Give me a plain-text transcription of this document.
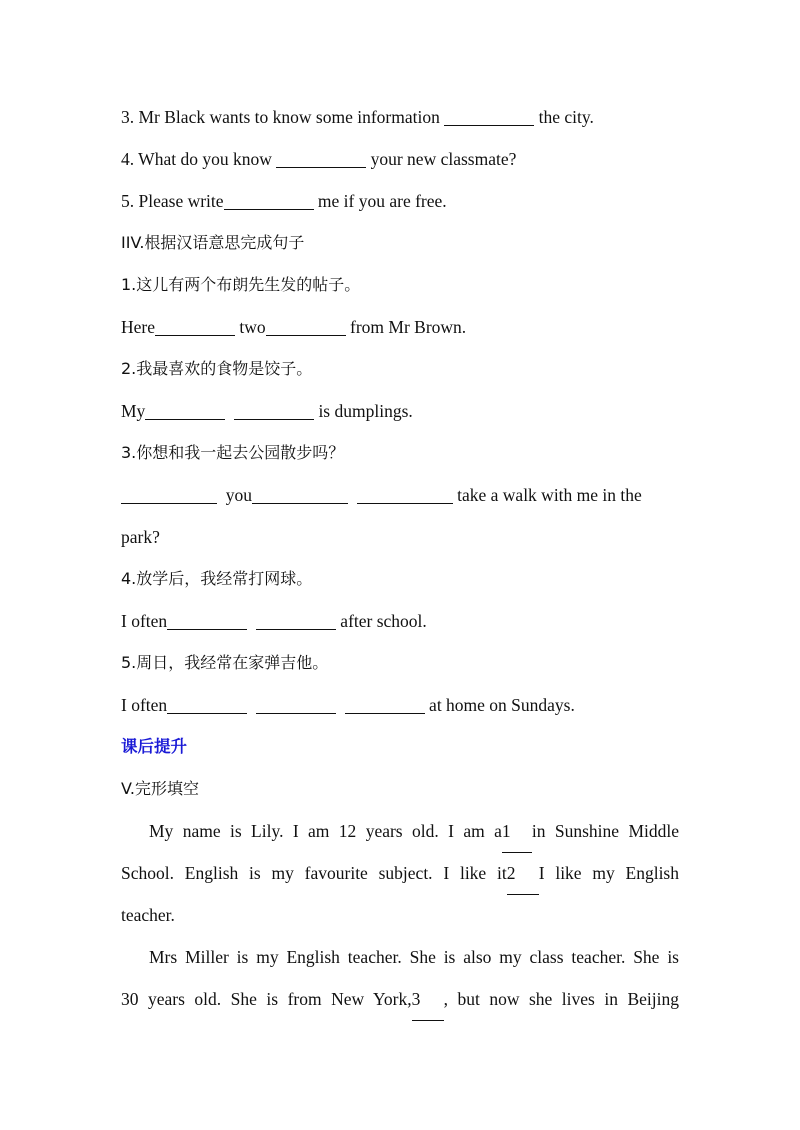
3. Mr Black wants to know some information	the city.
4. What do you know	your new classmate?
5. Please write	me if you are free.
IIV.根据汉语意思完成句子
1.这儿有两个布朗先生发的帖子。
Here	two	from Mr Brown.
2.我最喜欢的食物是饺子。
My	is dumplings.
3.你想和我一起去公园散步吗？
you	take a walk with me in the
park?
4.放学后，我经常打网球。
I often	after school.
5.周日，我经常在家弹吉他。
I often	at home on Sundays.
课后提升
V.完形填空
My name is Lily. I am 12 years old. I am a1 in Sunshine Middle
School. English is my favourite subject. I like it2 I like my English
teacher.
Mrs Miller is my English teacher. She is also my class teacher. She is
30 years old. She is from New York,3 , but now she lives in Beijing
